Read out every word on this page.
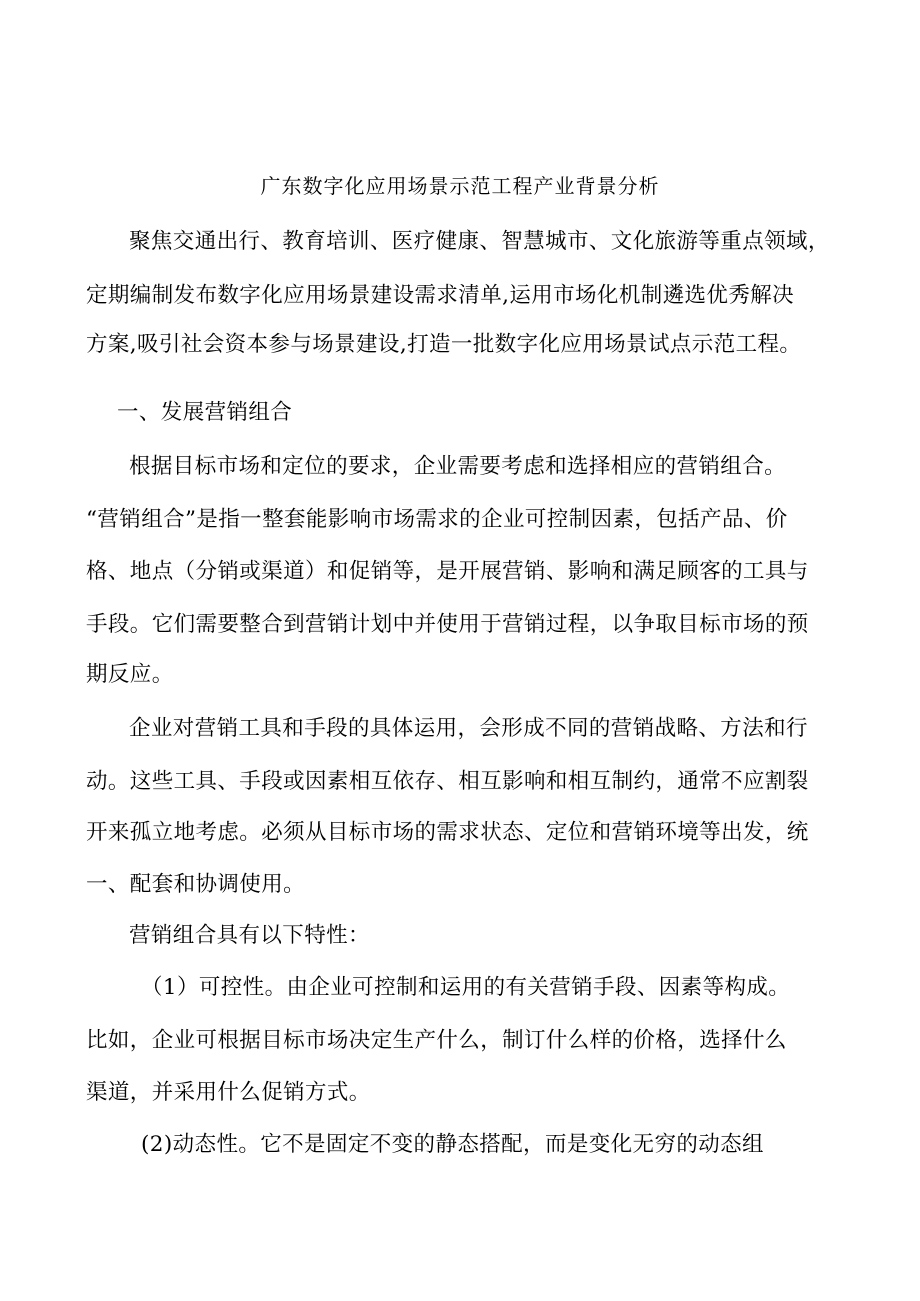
广东数字化应用场景示范工程产业背景分析
聚焦交通出行、教育培训、医疗健康、智慧城市、文化旅游等重点领域，
定期编制发布数字化应用场景建设需求清单,运用市场化机制遴选优秀解决
方案,吸引社会资本参与场景建设,打造一批数字化应用场景试点示范工程。
一、发展营销组合
根据目标市场和定位的要求，企业需要考虑和选择相应的营销组合。
“营销组合”是指一整套能影响市场需求的企业可控制因素，包括产品、价
格、地点（分销或渠道）和促销等，是开展营销、影响和满足顾客的工具与
手段。它们需要整合到营销计划中并使用于营销过程，以争取目标市场的预
期反应。
企业对营销工具和手段的具体运用，会形成不同的营销战略、方法和行
动。这些工具、手段或因素相互依存、相互影响和相互制约，通常不应割裂
开来孤立地考虑。必须从目标市场的需求状态、定位和营销环境等出发，统
一、配套和协调使用。
营销组合具有以下特性：
（1）可控性。由企业可控制和运用的有关营销手段、因素等构成。
比如，企业可根据目标市场决定生产什么，制订什么样的价格，选择什么
渠道，并采用什么促销方式。
(2)动态性。它不是固定不变的静态搭配，而是变化无穷的动态组
